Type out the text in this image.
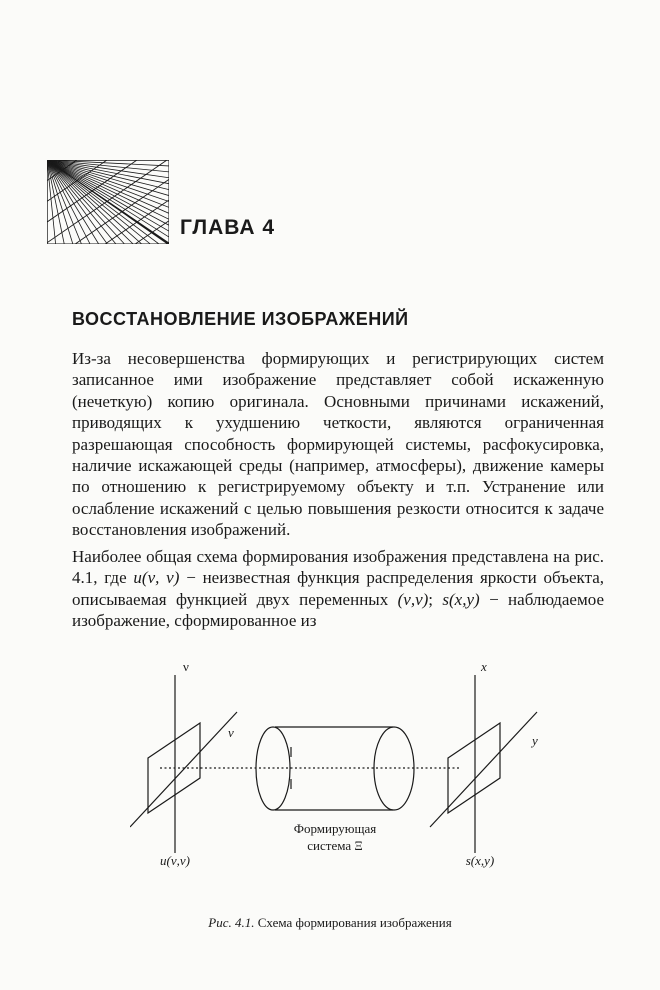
ГЛАВА 4
ВОССТАНОВЛЕНИЕ ИЗОБРАЖЕНИЙ

Из-за несовершенства формирующих и регистрирующих систем записанное ими изображение представляет собой искаженную (нечеткую) копию оригинала. Основными причинами искажений, приводящих к ухудшению четкости, являются ограниченная разрешающая способность формирующей системы, расфокусировка, наличие искажающей среды (например, атмосферы), движение камеры по отношению к регистрируемому объекту и т.п. Устранение или ослабление искажений с целью повышения резкости относится к задаче восстановления изображений.

Наиболее общая схема формирования изображения представлена на рис. 4.1, где u(ν, ν) − неизвестная функция распределения яркости объекта, описываемая функцией двух переменных (ν,ν); s(x,y) − наблюдаемое изображение, сформированное из

ν
ν
x
y
Формирующая
система Ξ
u(ν,ν)	s(x,y)
Рис. 4.1. Схема формирования изображения
